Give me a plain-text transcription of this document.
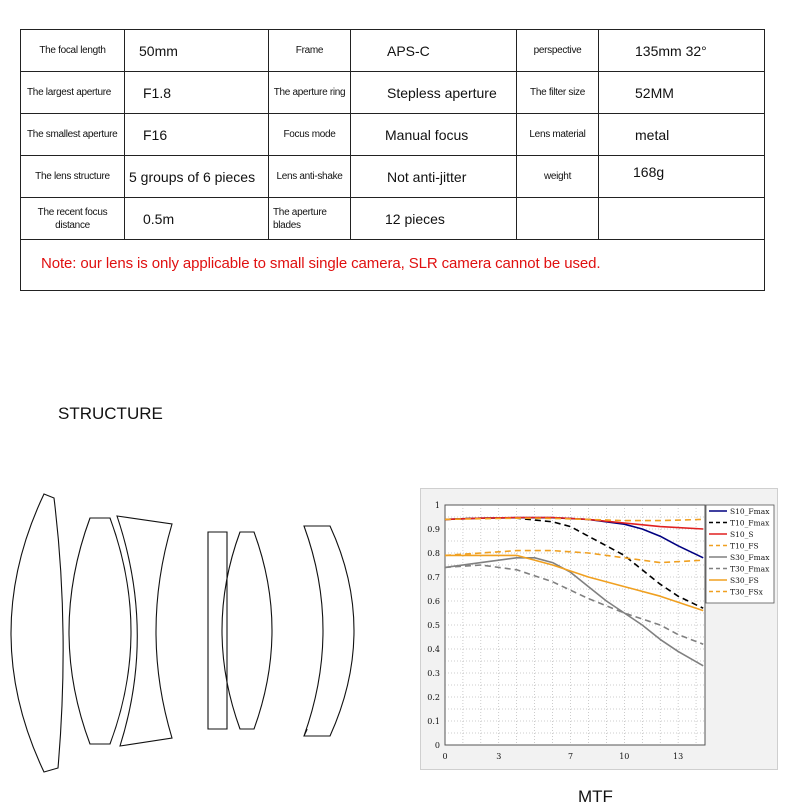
The focal length	50mm	Frame	APS-C	perspective	135mm 32°
The largest aperture	F1.8	The aperture ring	Stepless aperture	The filter size	52MM
The smallest aperture	F16	Focus mode	Manual focus	Lens material	metal
The lens structure	5 groups of 6 pieces	Lens anti-shake	Not anti-jitter	weight	168g
The recent focus distance	0.5m	The aperture blades	12 pieces
Note: our lens is only applicable to small single camera, SLR camera cannot be used.
STRUCTURE
0
0.1
0.2
0.3
0.4
0.5
0.6
0.7
0.8
0.9
1
0	3	7	10	13
S10_Fmax
T10_Fmax
S10_S
T10_FS
S30_Fmax
T30_Fmax
S30_FS
T30_FSx
MTF
